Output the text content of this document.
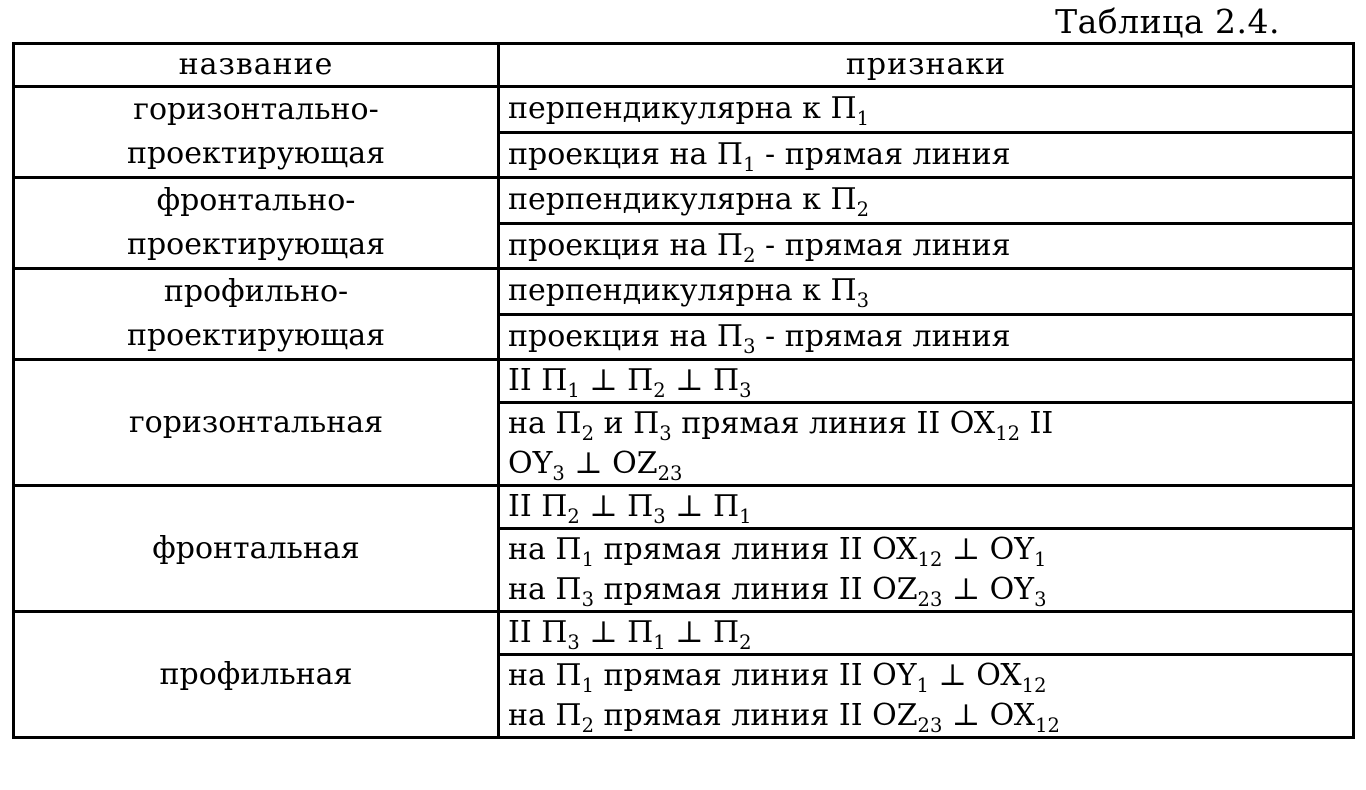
Таблица 2.4.
название	признаки

горизонтально-
проектирующая	перпендикулярна к $П_1$

	проекция на $П_1$ - прямая линия

фронтально-
проектирующая	перпендикулярна к $П_2$

	проекция на $П_2$ - прямая линия

профильно-
проектирующая	перпендикулярна к $П_3$

	проекция на $П_3$ - прямая линия

горизонтальная	II $П_1$ ⊥ $П_2$ ⊥ $П_3$

	на $П_2$ и $П_3$ прямая линия II $OX_{12}$ II
$OY_3$ ⊥ $OZ_{23}$

фронтальная	II $П_2$ ⊥ $П_3$ ⊥ $П_1$

	на $П_1$ прямая линия II $OX_{12}$ ⊥ $OY_1$
на $П_3$ прямая линия II $OZ_{23}$ ⊥ $OY_3$

профильная	II $П_3$ ⊥ $П_1$ ⊥ $П_2$

	на $П_1$ прямая линия II $OY_1$ ⊥ $OX_{12}$
на $П_2$ прямая линия II $OZ_{23}$ ⊥ $OX_{12}$
